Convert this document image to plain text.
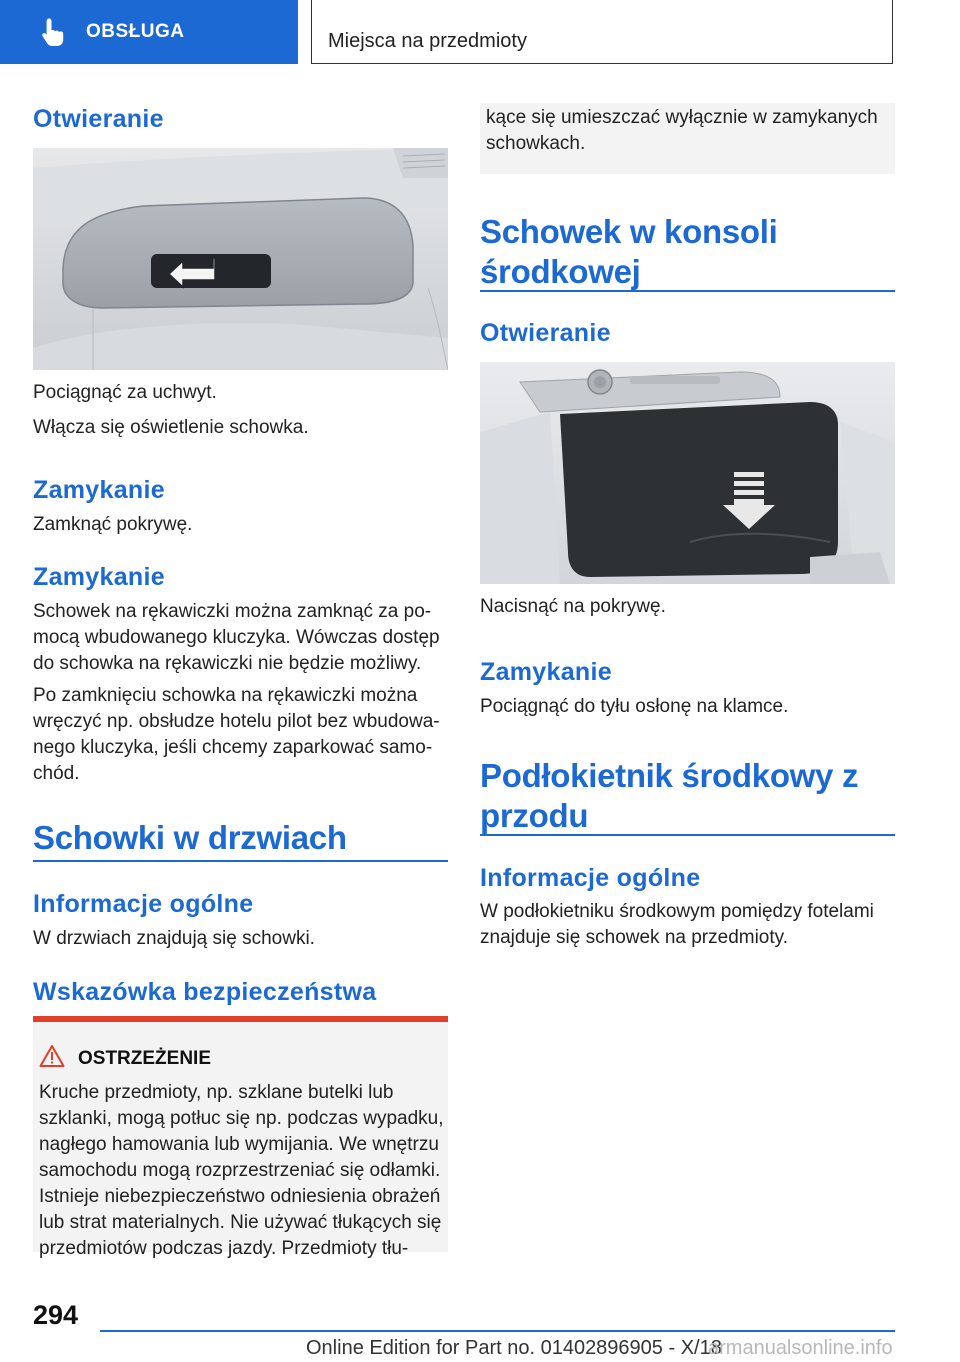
OBSŁUGA	Miejsca na przedmioty
Otwieranie

Pociągnąć za uchwyt.

Włącza się oświetlenie schowka.

Zamykanie

Zamknąć pokrywę.

Zamykanie
Schowek na rękawiczki można zamknąć za po-
mocą wbudowanego kluczyka. Wówczas dostęp
do schowka na rękawiczki nie będzie możliwy.
Po zamknięciu schowka na rękawiczki można
wręczyć np. obsłudze hotelu pilot bez wbudowa-
nego kluczyka, jeśli chcemy zaparkować samo-
chód.
Schowki w drzwiach
Informacje ogólne

W drzwiach znajdują się schowki.

Wskazówka bezpieczeństwa
OSTRZEŻENIE
Kruche przedmioty, np. szklane butelki lub
szklanki, mogą potłuc się np. podczas wypadku,
nagłego hamowania lub wymijania. We wnętrzu
samochodu mogą rozprzestrzeniać się odłamki.
Istnieje niebezpieczeństwo odniesienia obrażeń
lub strat materialnych. Nie używać tłukących się
przedmiotów podczas jazdy. Przedmioty tłu-

kące się umieszczać wyłącznie w zamykanych
schowkach.

Schowek w konsoli
środkowej
Otwieranie

Nacisnąć na pokrywę.

Zamykanie

Pociągnąć do tyłu osłonę na klamce.

Podłokietnik środkowy z
przodu
Informacje ogólne
W podłokietniku środkowym pomiędzy fotelami
znajduje się schowek na przedmioty.
294
Online Edition for Part no. 01402896905 - X/18
armanualsonline.info
